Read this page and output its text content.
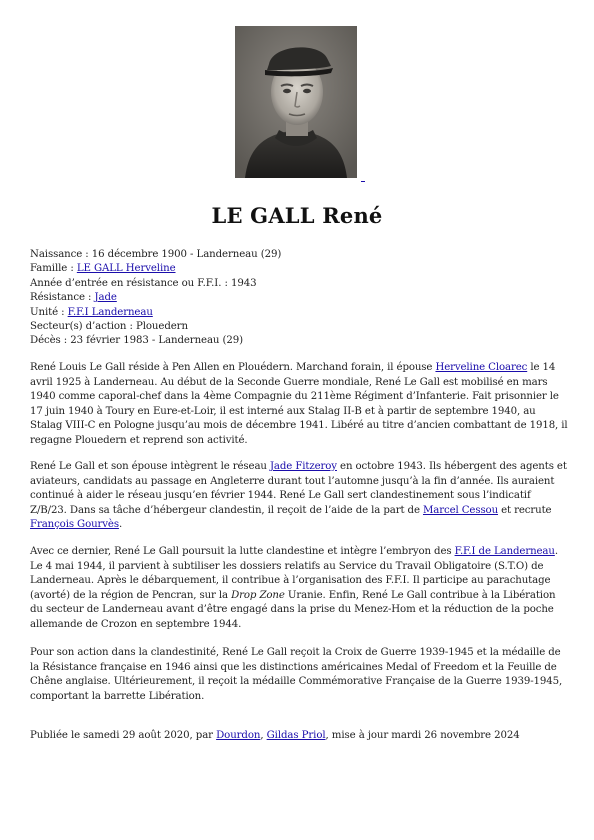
LE GALL René
Naissance : 16 décembre 1900 - Landerneau (29)
Famille : LE GALL Herveline
Année d’entrée en résistance ou F.F.I. : 1943
Résistance : Jade
Unité : F.F.I Landerneau
Secteur(s) d’action : Plouedern
Décès : 23 février 1983 - Landerneau (29)

René Louis Le Gall réside à Pen Allen en Plouédern. Marchand forain, il épouse Herveline Cloarec le 14 avril 1925 à Landerneau. Au début de la Seconde Guerre mondiale, René Le Gall est mobilisé en mars 1940 comme caporal-chef dans la 4ème Compagnie du 211ème Régiment d’Infanterie. Fait prisonnier le 17 juin 1940 à Toury en Eure-et-Loir, il est interné aux Stalag II-B et à partir de septembre 1940, au Stalag VIII-C en Pologne jusqu’au mois de décembre 1941. Libéré au titre d’ancien combattant de 1918, il regagne Plouedern et reprend son activité.

René Le Gall et son épouse intègrent le réseau Jade Fitzeroy en octobre 1943. Ils hébergent des agents et aviateurs, candidats au passage en Angleterre durant tout l’automne jusqu’à la fin d’année. Ils auraient continué à aider le réseau jusqu’en février 1944. René Le Gall sert clandestinement sous l’indicatif Z/B/23. Dans sa tâche d’hébergeur clandestin, il reçoit de l’aide de la part de Marcel Cessou et recrute François Gourvès.

Avec ce dernier, René Le Gall poursuit la lutte clandestine et intègre l’embryon des F.F.I de Landerneau. Le 4 mai 1944, il parvient à subtiliser les dossiers relatifs au Service du Travail Obligatoire (S.T.O) de Landerneau. Après le débarquement, il contribue à l’organisation des F.F.I. Il participe au parachutage (avorté) de la région de Pencran, sur la Drop Zone Uranie. Enfin, René Le Gall contribue à la Libération du secteur de Landerneau avant d’être engagé dans la prise du Menez-Hom et la réduction de la poche allemande de Crozon en septembre 1944.

Pour son action dans la clandestinité, René Le Gall reçoit la Croix de Guerre 1939-1945 et la médaille de la Résistance française en 1946 ainsi que les distinctions américaines Medal of Freedom et la Feuille de Chêne anglaise. Ultérieurement, il reçoit la médaille Commémorative Française de la Guerre 1939-1945, comportant la barrette Libération.

Publiée le samedi 29 août 2020, par Dourdon, Gildas Priol, mise à jour mardi 26 novembre 2024
